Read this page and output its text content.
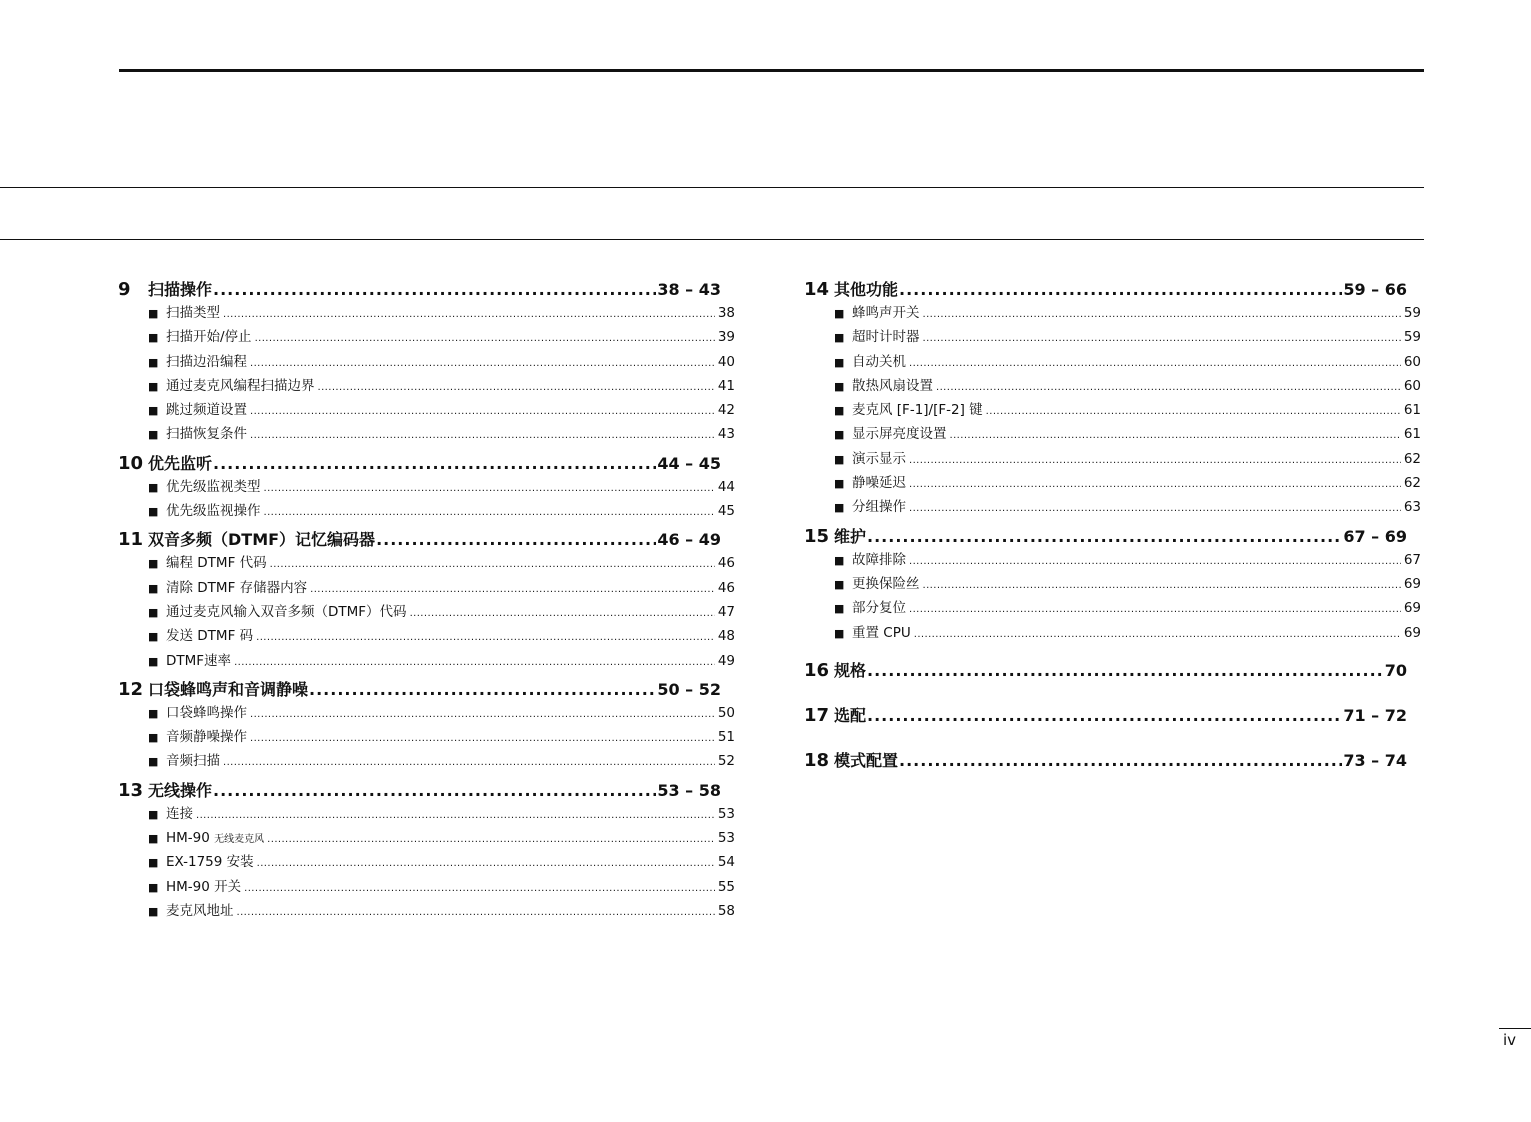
9	扫描操作 .....	38 – 43
■ 扫描类型 .....	38
■ 扫描开始/停止 .....	39
■ 扫描边沿编程 .....	40
■ 通过麦克风编程扫描边界 .....	41
■ 跳过频道设置 .....	42
■ 扫描恢复条件 .....	43
10 优先监听 .....	44 – 45
■ 优先级监视类型 .....	44
■ 优先级监视操作 .....	45
11 双音多频（DTMF）记忆编码器 .....	46 – 49
■ 编程 DTMF 代码 .....	46
■ 清除 DTMF 存储器内容 .....	46
■ 通过麦克风输入双音多频（DTMF）代码 .....	47
■ 发送 DTMF 码 .....	48
■ DTMF速率 .....	49
12 口袋蜂鸣声和音调静噪 .....	50 – 52
■ 口袋蜂鸣操作 .....	50
■ 音频静噪操作 .....	51
■ 音频扫描 .....	52
13 无线操作 .....	53 – 58
■ 连接 .....	53
■ HM-90 无线麦克风 .....	53
■ EX-1759 安装 .....	54
■ HM-90 开关 .....	55
■ 麦克风地址 .....	58
14 其他功能 .....	59 – 66
■ 蜂鸣声开关 .....	59
■ 超时计时器 .....	59
■ 自动关机 .....	60
■ 散热风扇设置 .....	60
■ 麦克风 [F-1]/[F-2] 键 .....	61
■ 显示屏亮度设置 .....	61
■ 演示显示 .....	62
■ 静噪延迟 .....	62
■ 分组操作 .....	63
15 维护 .....	67 – 69
■ 故障排除 .....	67
■ 更换保险丝 .....	69
■ 部分复位 .....	69
■ 重置 CPU .....	69
16 规格 .....	70
17 选配 .....	71 – 72
18 模式配置 .....	73 – 74
iv
